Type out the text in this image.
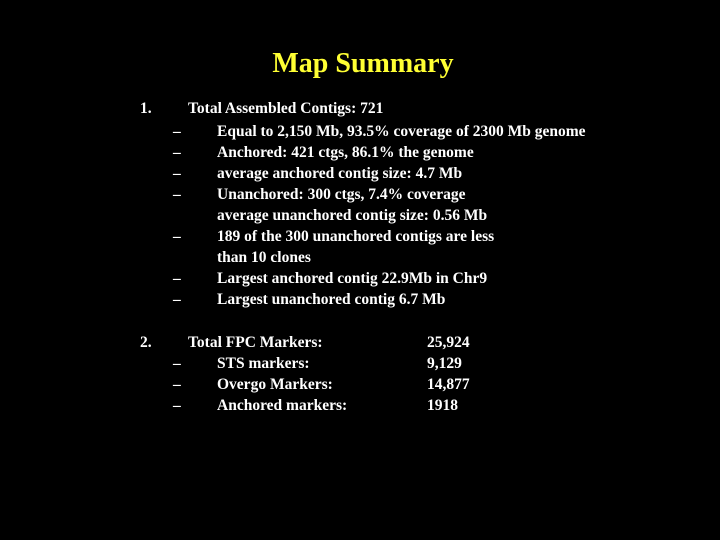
Map Summary
1. Total Assembled Contigs: 721
– Equal to 2,150 Mb, 93.5% coverage of 2300 Mb genome
– Anchored: 421 ctgs, 86.1% the genome
– average anchored contig size: 4.7 Mb
– Unanchored: 300 ctgs, 7.4% coverage
average unanchored contig size: 0.56 Mb
– 189 of the 300 unanchored contigs are less
than 10 clones
– Largest anchored contig 22.9Mb in Chr9
– Largest unanchored contig 6.7 Mb
2. Total FPC Markers:	25,924
– STS markers:	9,129
– Overgo Markers:	14,877
– Anchored markers:	1918
